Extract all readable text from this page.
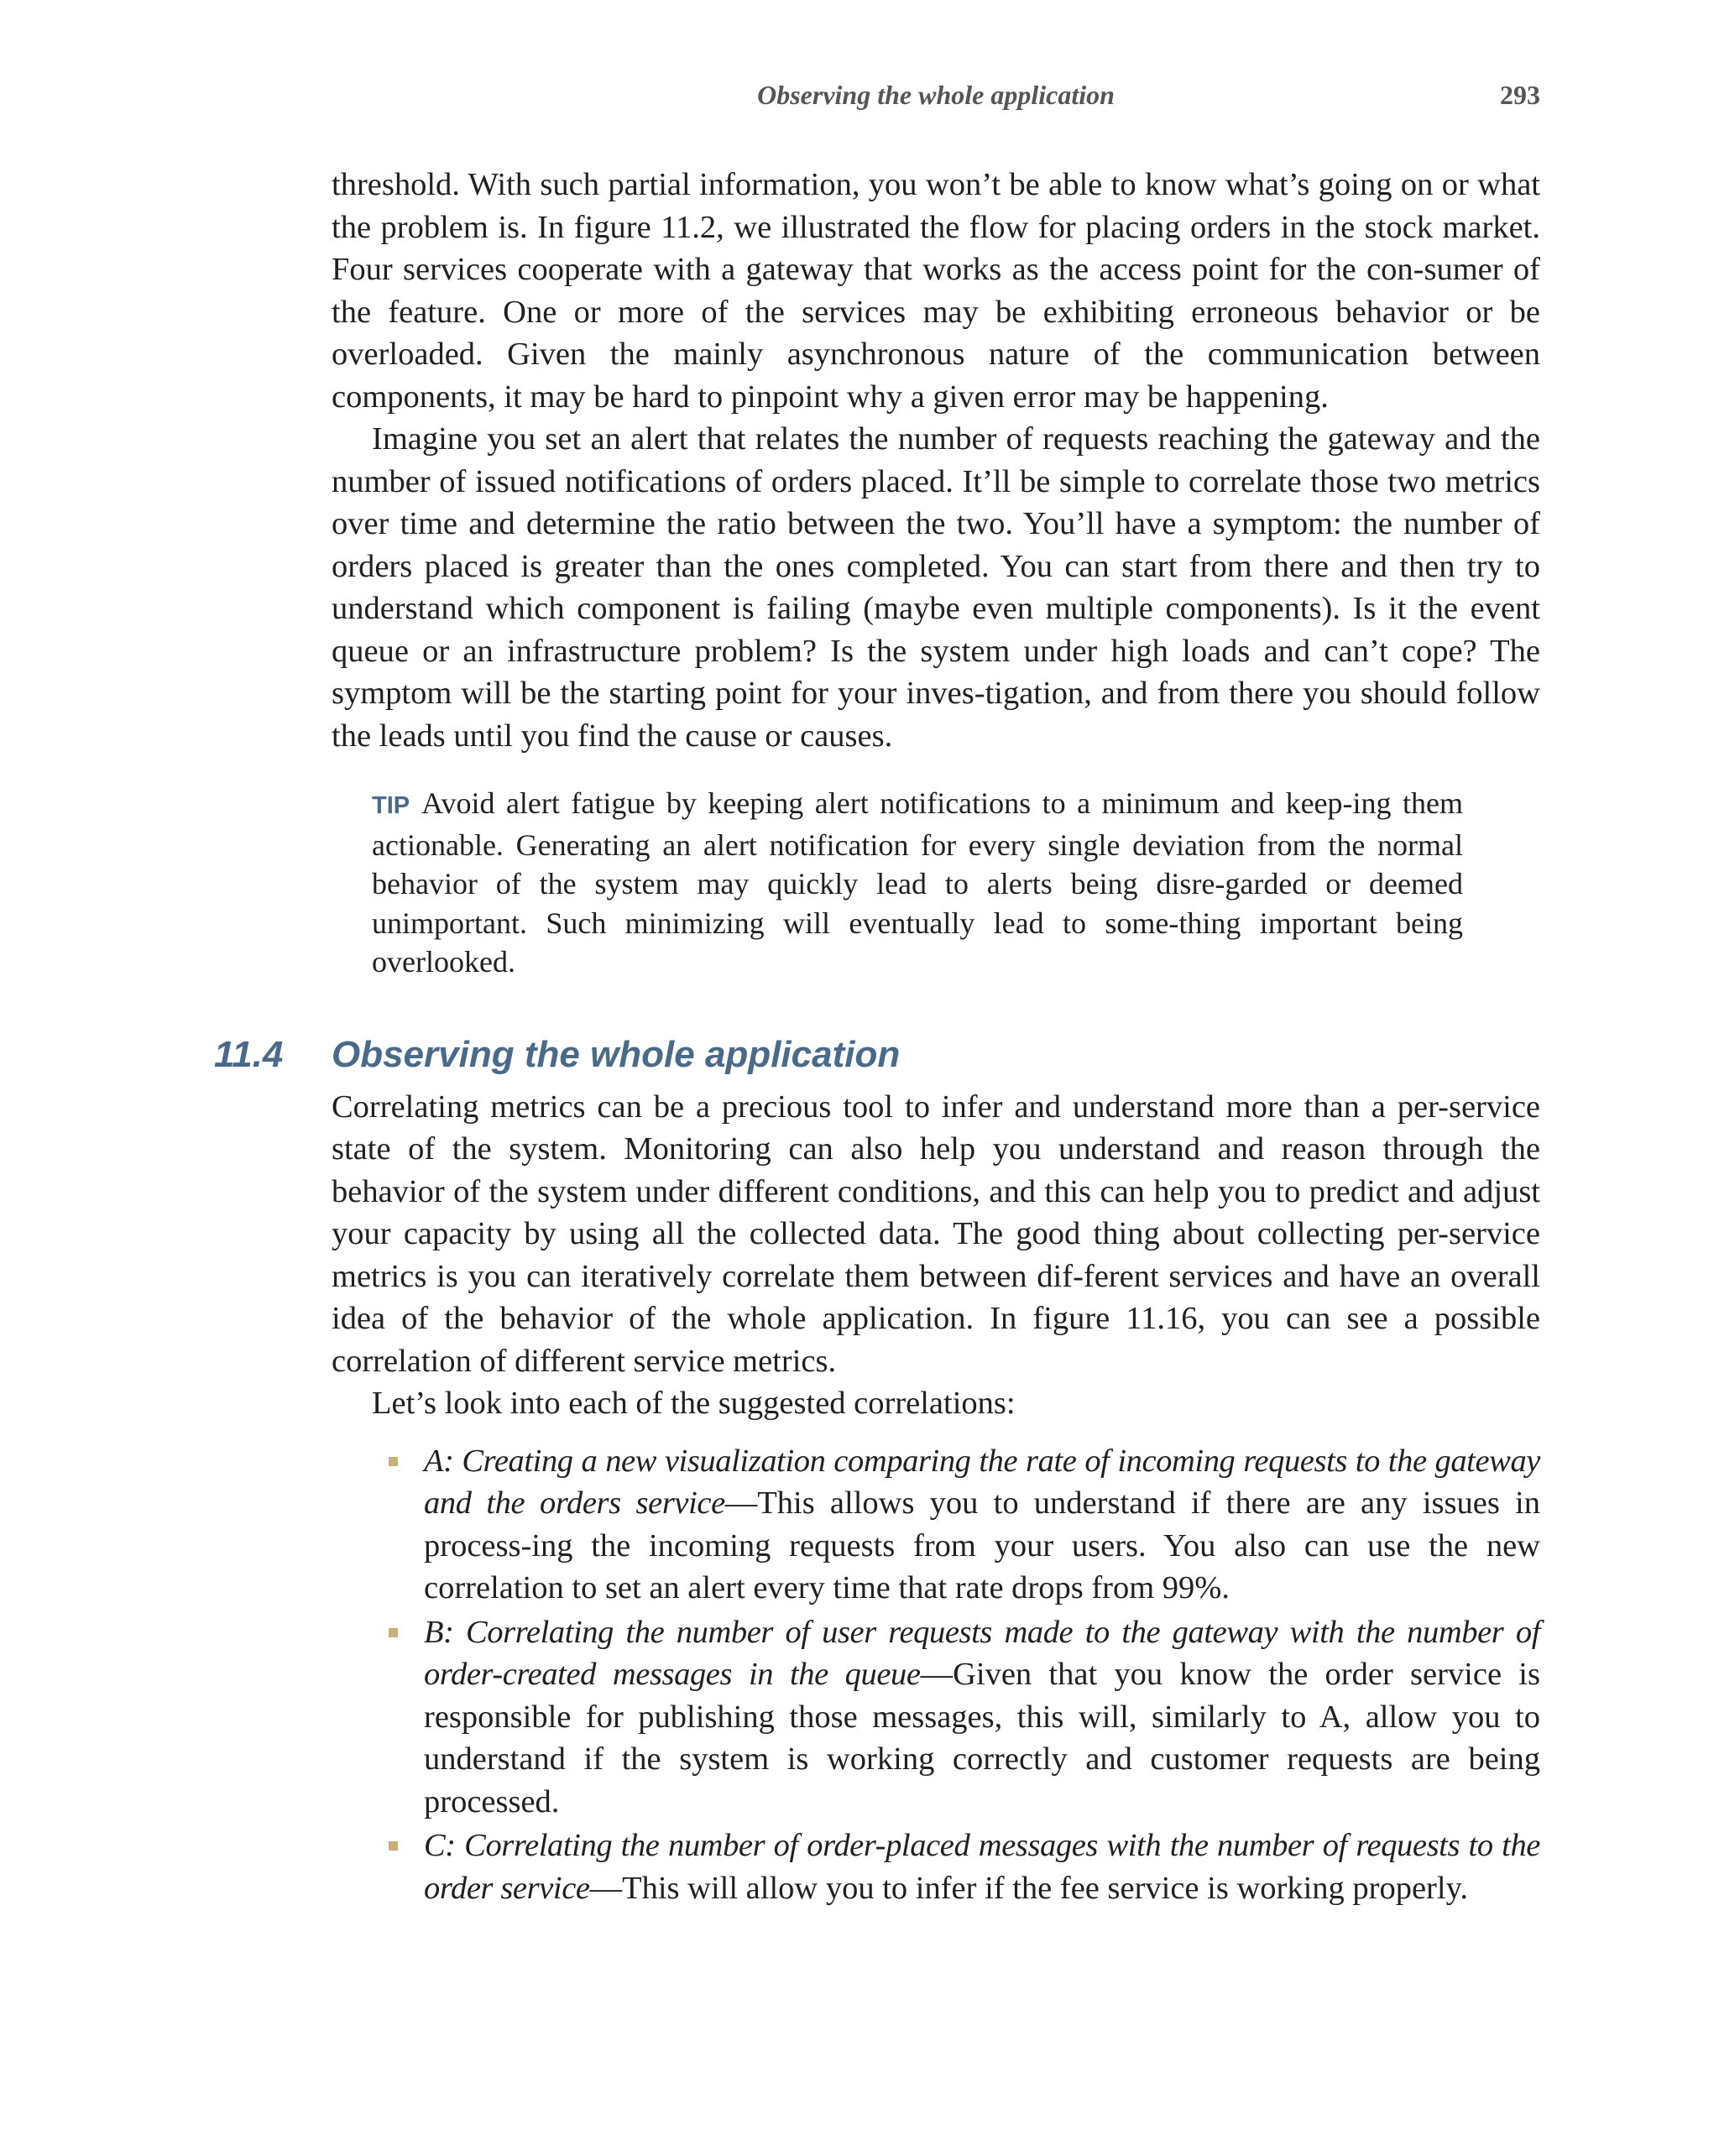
Observing the whole application	293

threshold. With such partial information, you won’t be able to know what’s going on or what the problem is. In figure 11.2, we illustrated the flow for placing orders in the stock market. Four services cooperate with a gateway that works as the access point for the con-sumer of the feature. One or more of the services may be exhibiting erroneous behavior or be overloaded. Given the mainly asynchronous nature of the communication between components, it may be hard to pinpoint why a given error may be happening.

Imagine you set an alert that relates the number of requests reaching the gateway and the number of issued notifications of orders placed. It’ll be simple to correlate those two metrics over time and determine the ratio between the two. You’ll have a symptom: the number of orders placed is greater than the ones completed. You can start from there and then try to understand which component is failing (maybe even multiple components). Is it the event queue or an infrastructure problem? Is the system under high loads and can’t cope? The symptom will be the starting point for your inves-tigation, and from there you should follow the leads until you find the cause or causes.

TIP Avoid alert fatigue by keeping alert notifications to a minimum and keep-ing them actionable. Generating an alert notification for every single deviation from the normal behavior of the system may quickly lead to alerts being disre-garded or deemed unimportant. Such minimizing will eventually lead to some-thing important being overlooked.
11.4 Observing the whole application

Correlating metrics can be a precious tool to infer and understand more than a per-service state of the system. Monitoring can also help you understand and reason through the behavior of the system under different conditions, and this can help you to predict and adjust your capacity by using all the collected data. The good thing about collecting per-service metrics is you can iteratively correlate them between dif-ferent services and have an overall idea of the behavior of the whole application. In figure 11.16, you can see a possible correlation of different service metrics.

Let’s look into each of the suggested correlations:

A: Creating a new visualization comparing the rate of incoming requests to the gateway and the orders service—This allows you to understand if there are any issues in process-ing the incoming requests from your users. You also can use the new correlation to set an alert every time that rate drops from 99%.
B: Correlating the number of user requests made to the gateway with the number of order-created messages in the queue—Given that you know the order service is responsible for publishing those messages, this will, similarly to A, allow you to understand if the system is working correctly and customer requests are being processed.
C: Correlating the number of order-placed messages with the number of requests to the order service—This will allow you to infer if the fee service is working properly.
